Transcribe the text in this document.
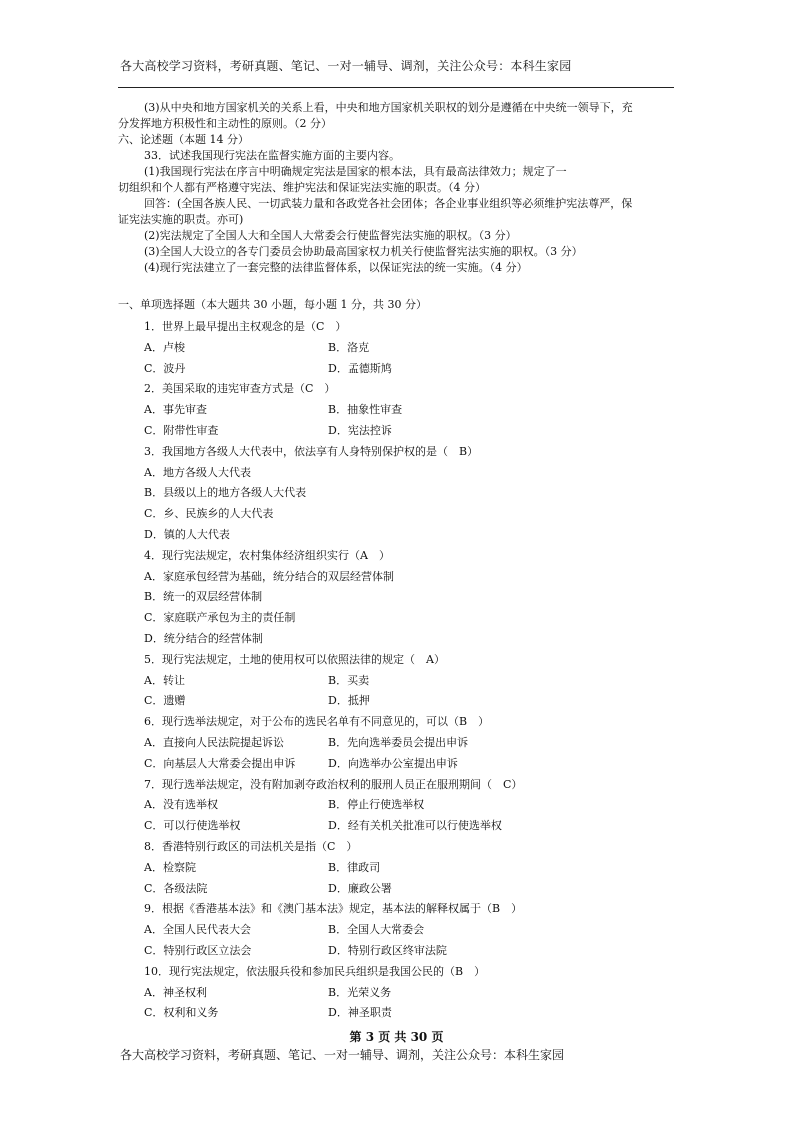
各大高校学习资料，考研真题、笔记、一对一辅导、调剂，关注公众号：本科生家园
(3)从中央和地方国家机关的关系上看，中央和地方国家机关职权的划分是遵循在中央统一领导下，充
分发挥地方积极性和主动性的原则。（2 分）
六、论述题（本题 14 分）
33．试述我国现行宪法在监督实施方面的主要内容。
(1)我国现行宪法在序言中明确规定宪法是国家的根本法，具有最高法律效力；规定了一
切组织和个人都有严格遵守宪法、维护宪法和保证宪法实施的职责。（4 分）
回答：(全国各族人民、一切武装力量和各政党各社会团体；各企业事业组织等必须维护宪法尊严，保
证宪法实施的职责。亦可)
(2)宪法规定了全国人大和全国人大常委会行使监督宪法实施的职权。（3 分）
(3)全国人大设立的各专门委员会协助最高国家权力机关行使监督宪法实施的职权。（3 分）
(4)现行宪法建立了一套完整的法律监督体系，以保证宪法的统一实施。（4 分）
一、单项选择题（本大题共 30 小题，每小题 1 分，共 30 分）
1．世界上最早提出主权观念的是（C　）
A．卢梭	B．洛克
C．波丹	D．孟德斯鸠
2．美国采取的违宪审查方式是（C　）
A．事先审查	B．抽象性审查
C．附带性审查	D．宪法控诉
3．我国地方各级人大代表中，依法享有人身特别保护权的是（　B）
A．地方各级人大代表
B．县级以上的地方各级人大代表
C．乡、民族乡的人大代表
D．镇的人大代表
4．现行宪法规定，农村集体经济组织实行（A　）
A．家庭承包经营为基础，统分结合的双层经营体制
B．统一的双层经营体制
C．家庭联产承包为主的责任制
D．统分结合的经营体制
5．现行宪法规定，土地的使用权可以依照法律的规定（　A）
A．转让	B．买卖
C．遗赠	D．抵押
6．现行选举法规定，对于公布的选民名单有不同意见的，可以（B　）
A．直接向人民法院提起诉讼	B．先向选举委员会提出申诉
C．向基层人大常委会提出申诉	D．向选举办公室提出申诉
7．现行选举法规定，没有附加剥夺政治权利的服刑人员正在服刑期间（　C）
A．没有选举权	B．停止行使选举权
C．可以行使选举权	D．经有关机关批准可以行使选举权
8．香港特别行政区的司法机关是指（C　）
A．检察院	B．律政司
C．各级法院	D．廉政公署
9．根据《香港基本法》和《澳门基本法》规定，基本法的解释权属于（B　）
A．全国人民代表大会	B．全国人大常委会
C．特别行政区立法会	D．特别行政区终审法院
10．现行宪法规定，依法服兵役和参加民兵组织是我国公民的（B　）
A．神圣权利	B．光荣义务
C．权利和义务	D．神圣职责
第 3 页 共 30 页
各大高校学习资料，考研真题、笔记、一对一辅导、调剂，关注公众号：本科生家园
